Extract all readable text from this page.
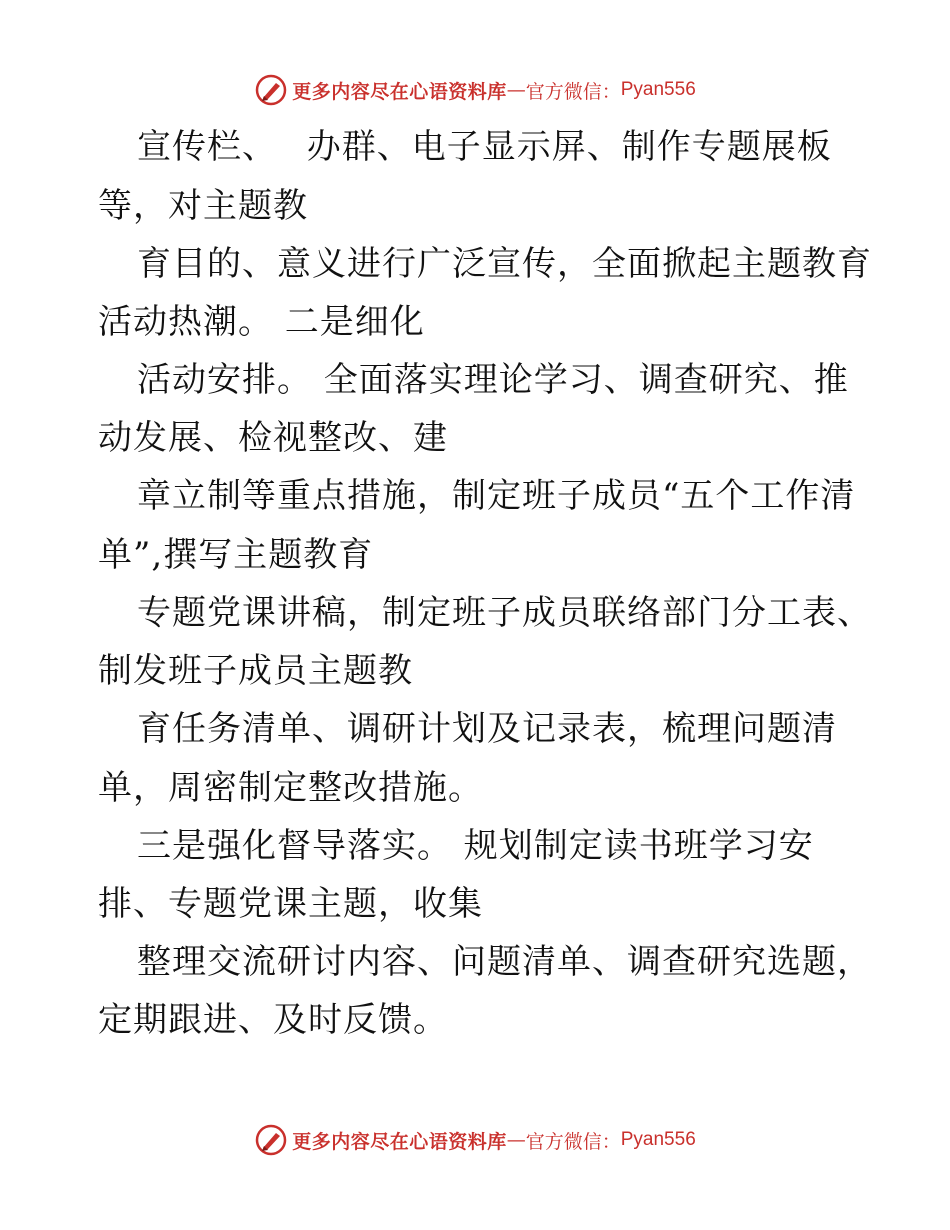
更多内容尽在心语资料库 — 官方微信： Pyan556
宣传栏、　 办群、电子显示屏、制作专题展板
等，对主题教
育目的、意义进行广泛宣传，全面掀起主题教育
活动热潮。 二是细化
活动安排。 全面落实理论学习、调查研究、推
动发展、检视整改、建
章立制等重点措施，制定班子成员“五个工作清
单”,撰写主题教育
专题党课讲稿，制定班子成员联络部门分工表、
制发班子成员主题教
育任务清单、调研计划及记录表，梳理问题清
单，周密制定整改措施。
三是强化督导落实。 规划制定读书班学习安
排、专题党课主题，收集
整理交流研讨内容、问题清单、调查研究选题，
定期跟进、及时反馈。
更多内容尽在心语资料库 — 官方微信： Pyan556
